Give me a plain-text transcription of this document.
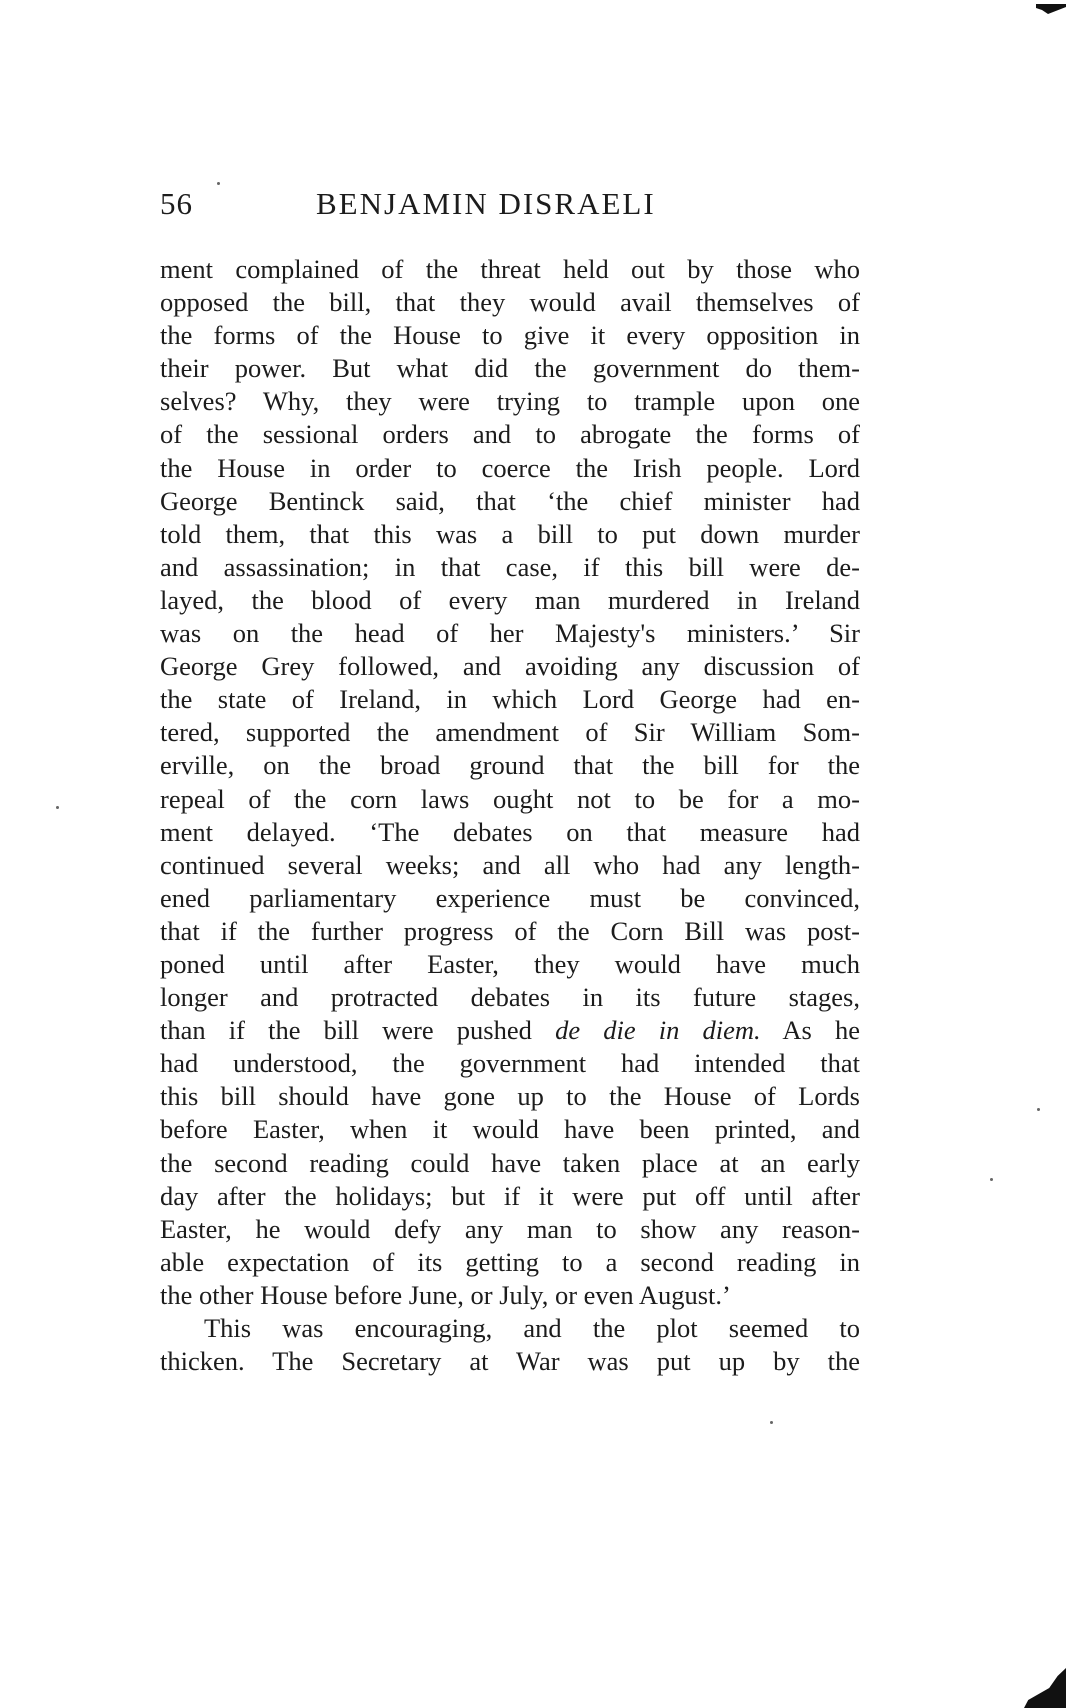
56	BENJAMIN DISRAELI
ment complained of the threat held out by those who
opposed the bill, that they would avail themselves of
the forms of the House to give it every opposition in
their power. But what did the government do them-
selves? Why, they were trying to trample upon one
of the sessional orders and to abrogate the forms of
the House in order to coerce the Irish people. Lord
George Bentinck said, that ‘the chief minister had
told them, that this was a bill to put down murder
and assassination; in that case, if this bill were de-
layed, the blood of every man murdered in Ireland
was on the head of her Majesty's ministers.’ Sir
George Grey followed, and avoiding any discussion of
the state of Ireland, in which Lord George had en-
tered, supported the amendment of Sir William Som-
erville, on the broad ground that the bill for the
repeal of the corn laws ought not to be for a mo-
ment delayed. ‘The debates on that measure had
continued several weeks; and all who had any length-
ened parliamentary experience must be convinced,
that if the further progress of the Corn Bill was post-
poned until after Easter, they would have much
longer and protracted debates in its future stages,
than if the bill were pushed de die in diem. As he
had understood, the government had intended that
this bill should have gone up to the House of Lords
before Easter, when it would have been printed, and
the second reading could have taken place at an early
day after the holidays; but if it were put off until after
Easter, he would defy any man to show any reason-
able expectation of its getting to a second reading in
the other House before June, or July, or even August.’
This was encouraging, and the plot seemed to
thicken. The Secretary at War was put up by the
